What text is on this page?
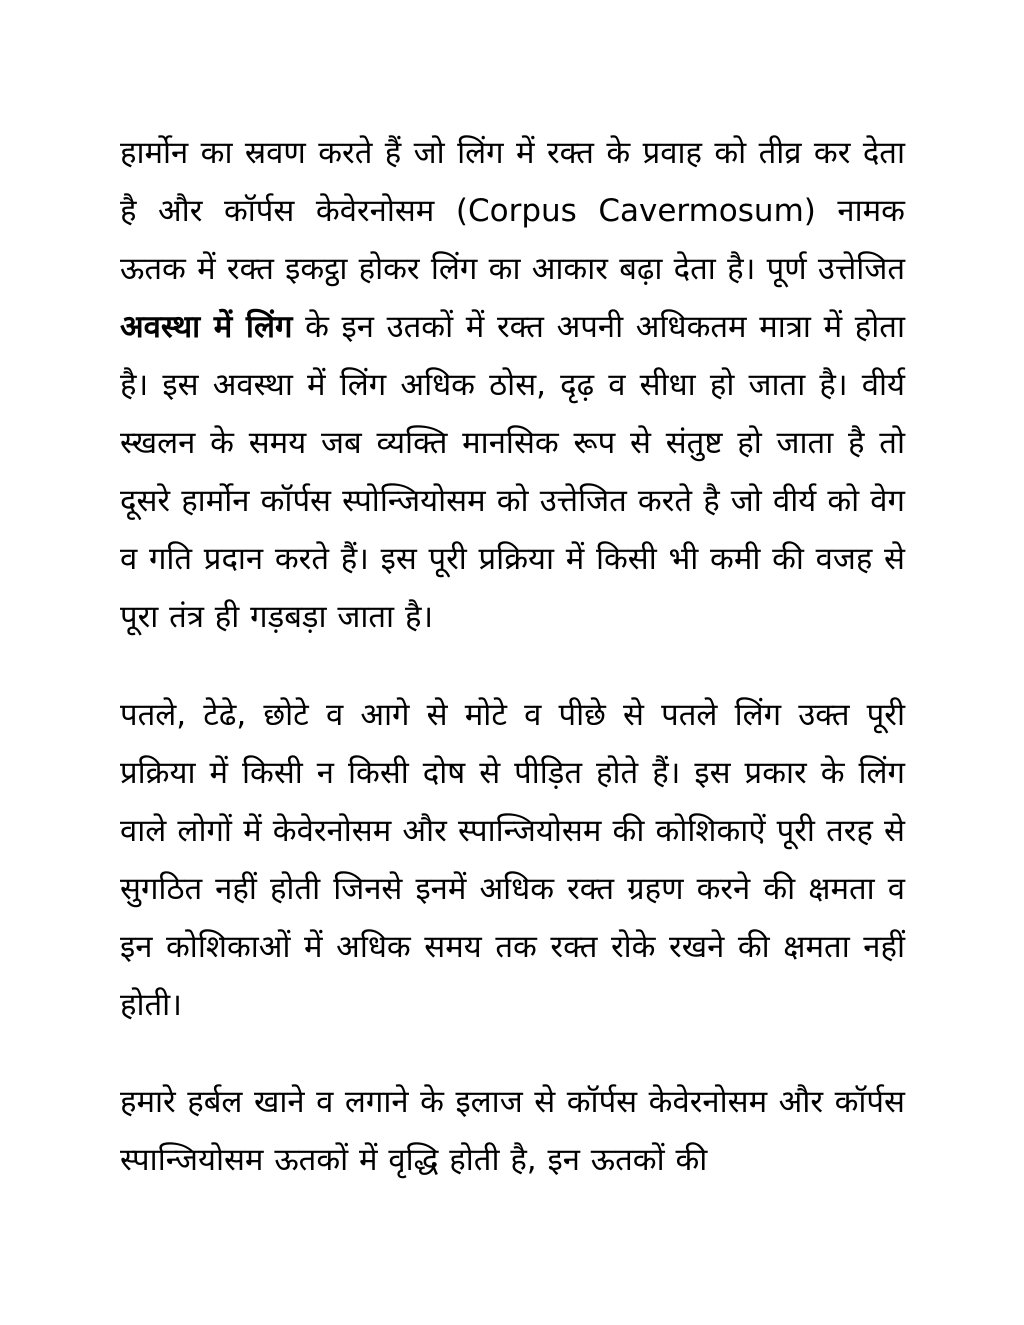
हार्मोन का स्रवण करते हैं जो लिंग में रक्त के प्रवाह को तीव्र कर देता है और कॉर्पस केवेरनोसम (Corpus Cavermosum) नामक ऊतक में रक्त इकट्ठा होकर लिंग का आकार बढ़ा देता है। पूर्ण उत्तेजित अवस्था में लिंग के इन उतकों में रक्त अपनी अधिकतम मात्रा में होता है। इस अवस्था में लिंग अधिक ठोस, दृढ़ व सीधा हो जाता है। वीर्य स्खलन के समय जब व्यक्ति मानसिक रूप से संतुष्ट हो जाता है तो दूसरे हार्मोन कॉर्पस स्पोन्जियोसम को उत्तेजित करते है जो वीर्य को वेग व गति प्रदान करते हैं। इस पूरी प्रक्रिया में किसी भी कमी की वजह से पूरा तंत्र ही गड़बड़ा जाता है।

पतले, टेढे, छोटे व आगे से मोटे व पीछे से पतले लिंग उक्त पूरी प्रक्रिया में किसी न किसी दोष से पीड़ित होते हैं। इस प्रकार के लिंग वाले लोगों में केवेरनोसम और स्पान्जियोसम की कोशिकाऐं पूरी तरह से सुगठित नहीं होती जिनसे इनमें अधिक रक्त ग्रहण करने की क्षमता व इन कोशिकाओं में अधिक समय तक रक्त रोके रखने की क्षमता नहीं होती।

हमारे हर्बल खाने व लगाने के इलाज से कॉर्पस केवेरनोसम और कॉर्पस स्पान्जियोसम ऊतकों में वृद्धि होती है, इन ऊतकों की
